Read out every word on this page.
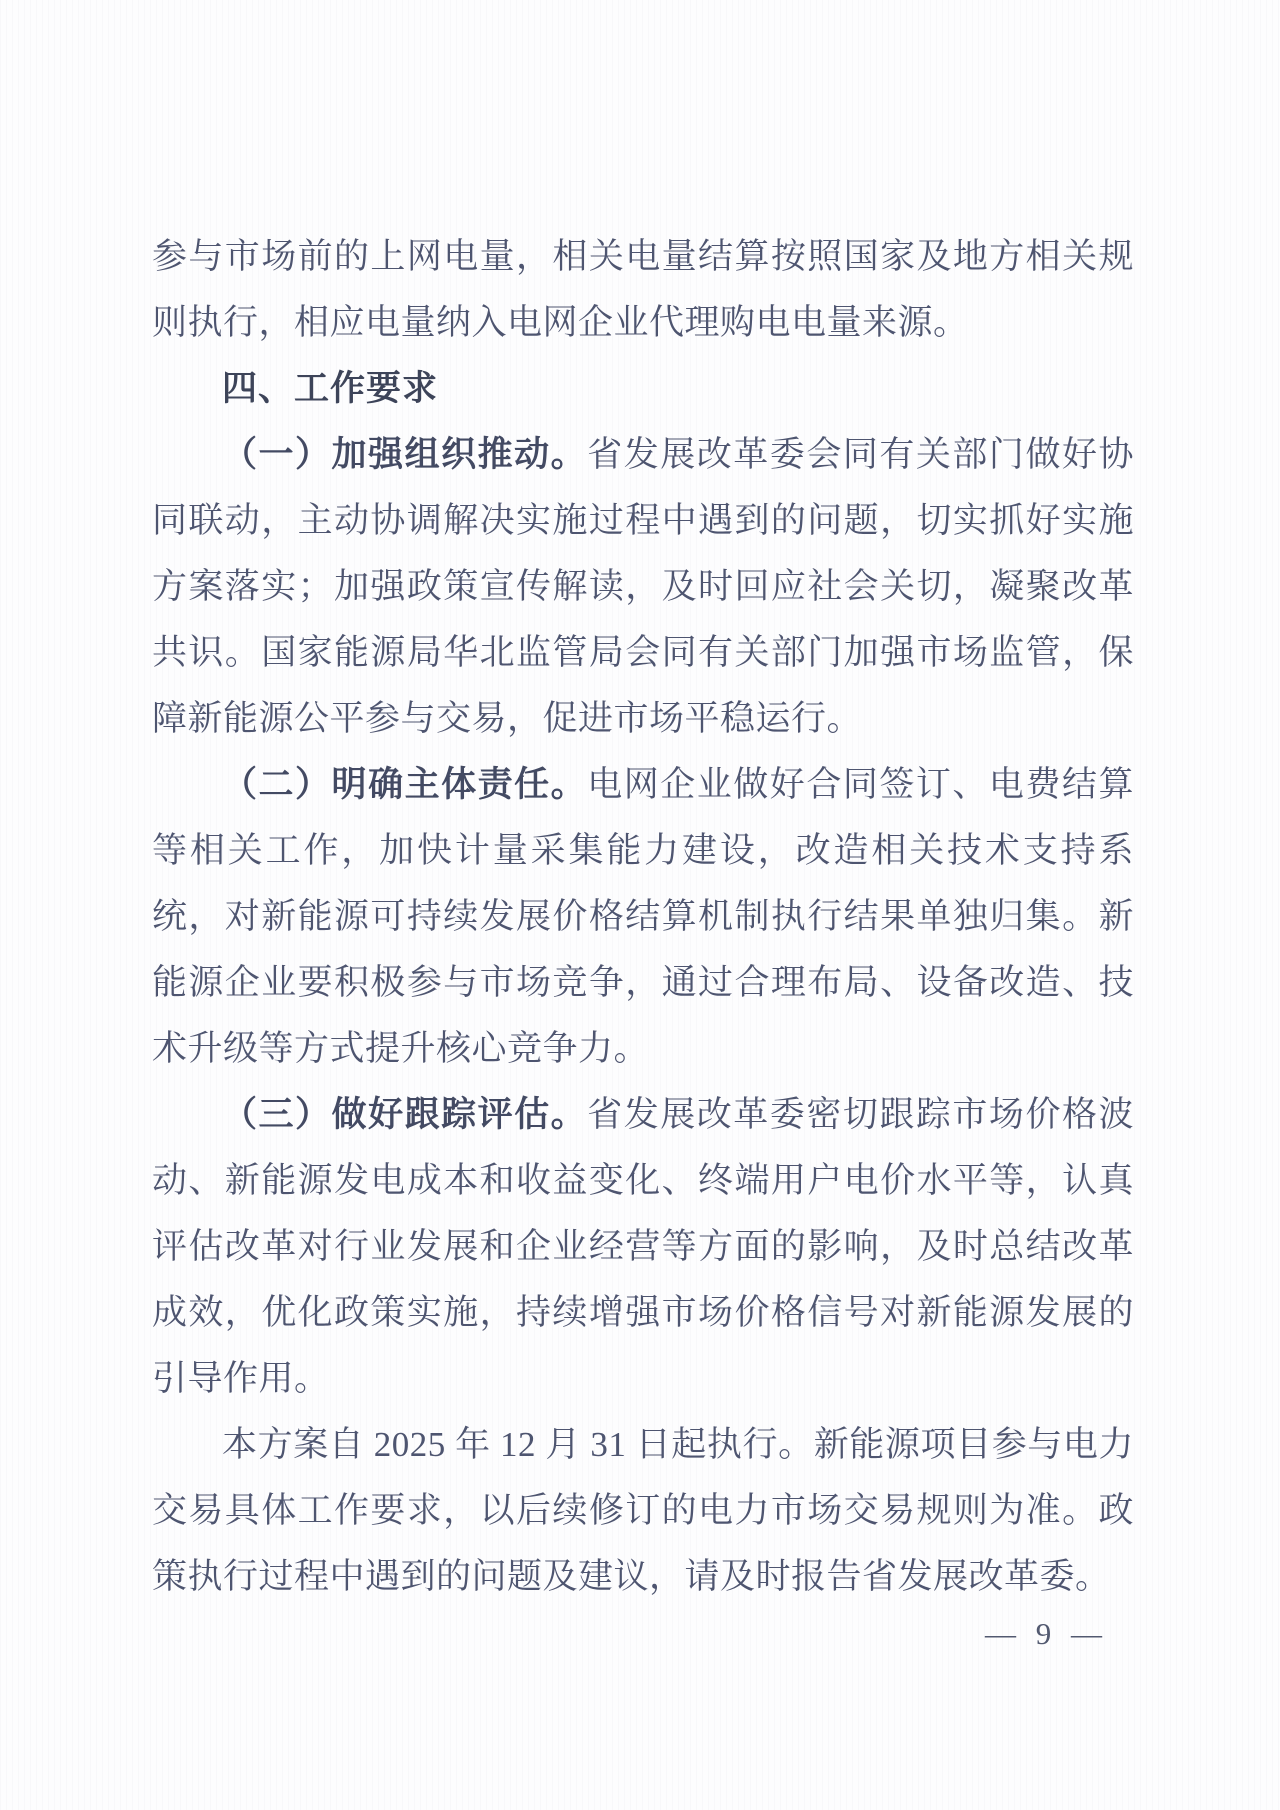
参与市场前的上网电量，相关电量结算按照国家及地方相关规则执行，相应电量纳入电网企业代理购电电量来源。

四、工作要求

（一）加强组织推动。省发展改革委会同有关部门做好协同联动，主动协调解决实施过程中遇到的问题，切实抓好实施方案落实；加强政策宣传解读，及时回应社会关切，凝聚改革共识。国家能源局华北监管局会同有关部门加强市场监管，保障新能源公平参与交易，促进市场平稳运行。

（二）明确主体责任。电网企业做好合同签订、电费结算等相关工作，加快计量采集能力建设，改造相关技术支持系统，对新能源可持续发展价格结算机制执行结果单独归集。新能源企业要积极参与市场竞争，通过合理布局、设备改造、技术升级等方式提升核心竞争力。

（三）做好跟踪评估。省发展改革委密切跟踪市场价格波动、新能源发电成本和收益变化、终端用户电价水平等，认真评估改革对行业发展和企业经营等方面的影响，及时总结改革成效，优化政策实施，持续增强市场价格信号对新能源发展的引导作用。

本方案自 2025 年 12 月 31 日起执行。新能源项目参与电力交易具体工作要求，以后续修订的电力市场交易规则为准。政策执行过程中遇到的问题及建议，请及时报告省发展改革委。

— 9 —
